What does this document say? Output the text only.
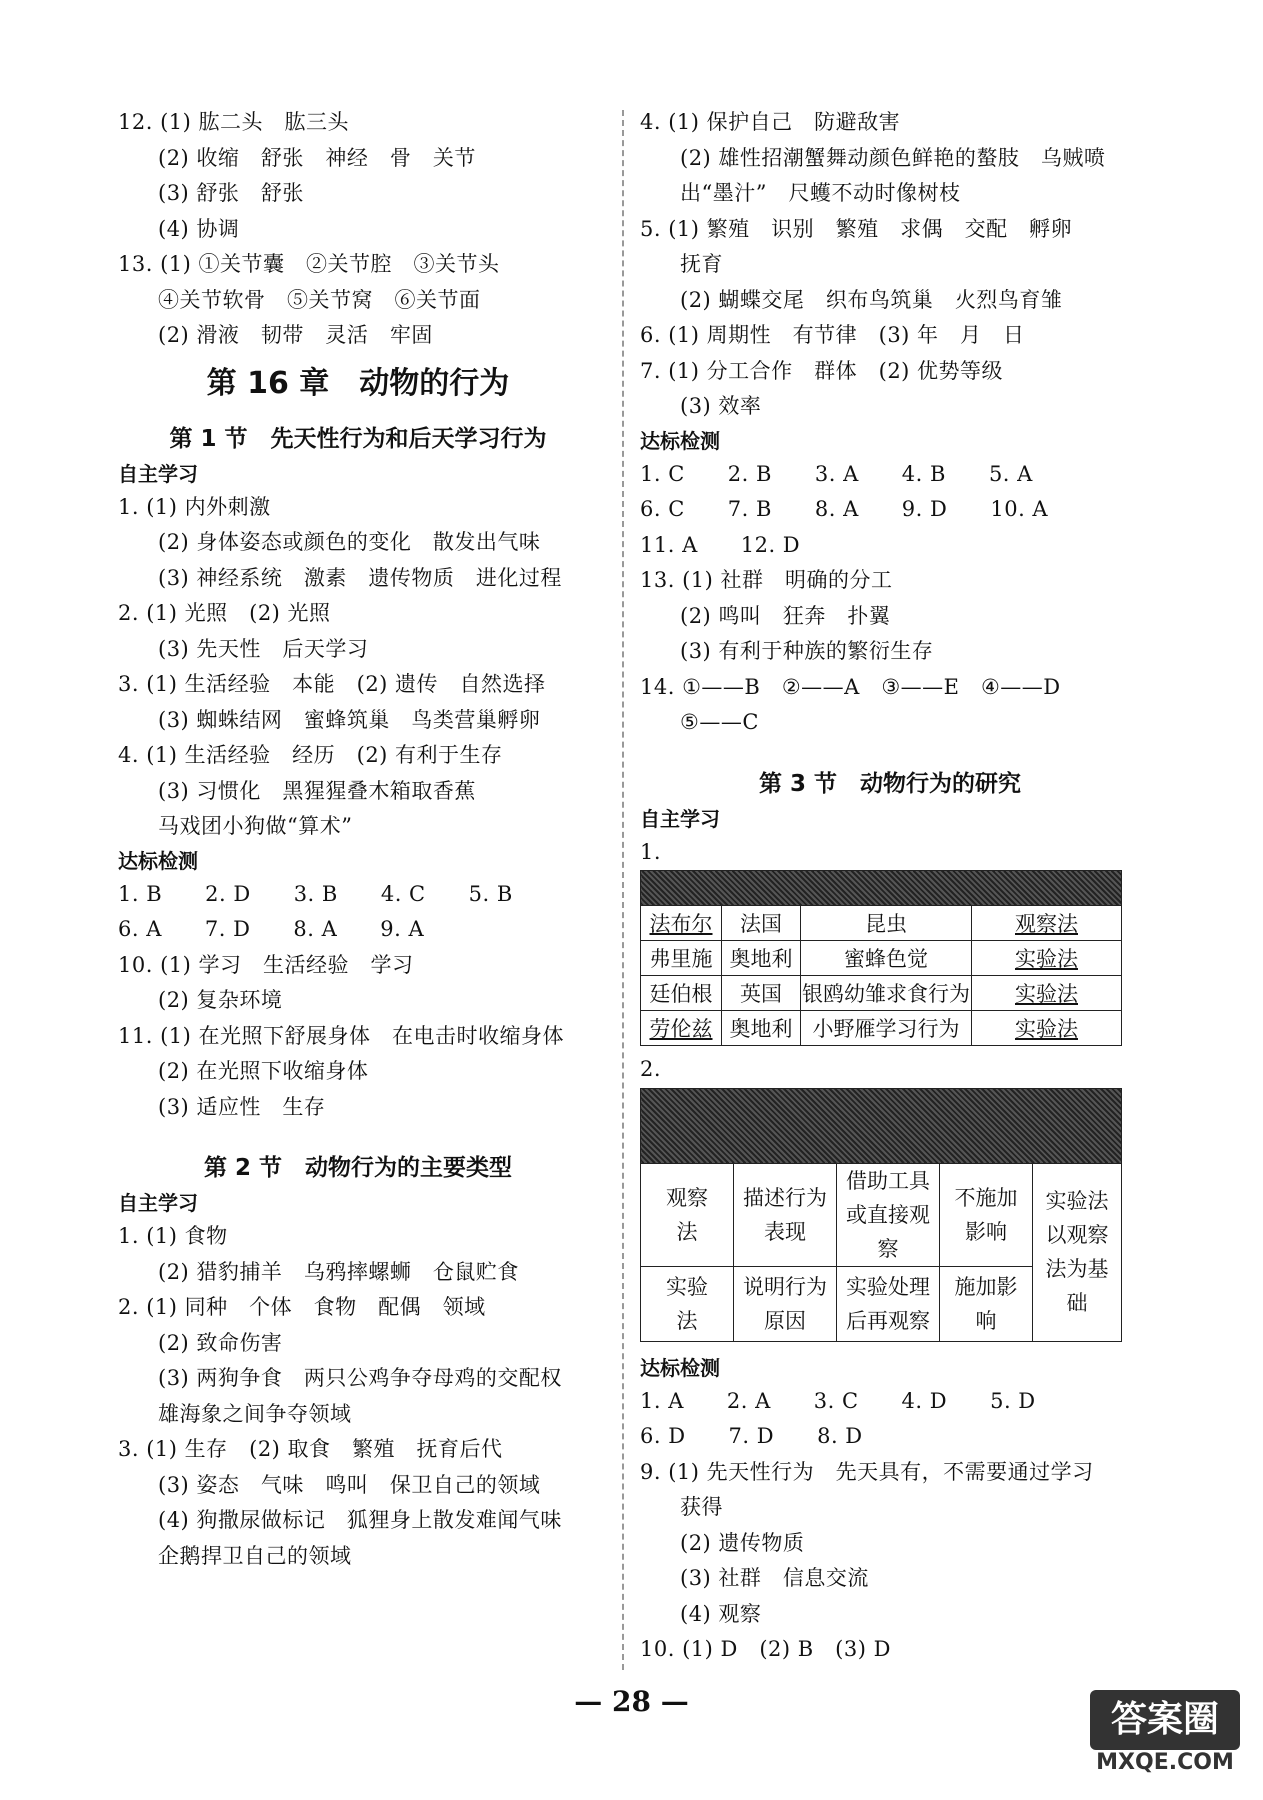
12. (1) 肱二头　肱三头
(2) 收缩　舒张　神经　骨　关节
(3) 舒张　舒张
(4) 协调
13. (1) ①关节囊　②关节腔　③关节头
④关节软骨　⑤关节窝　⑥关节面
(2) 滑液　韧带　灵活　牢固
第 16 章　动物的行为
第 1 节　先天性行为和后天学习行为
自主学习
1. (1) 内外刺激
(2) 身体姿态或颜色的变化　散发出气味
(3) 神经系统　激素　遗传物质　进化过程
2. (1) 光照　(2) 光照
(3) 先天性　后天学习
3. (1) 生活经验　本能　(2) 遗传　自然选择
(3) 蜘蛛结网　蜜蜂筑巢　鸟类营巢孵卵
4. (1) 生活经验　经历　(2) 有利于生存
(3) 习惯化　黑猩猩叠木箱取香蕉
马戏团小狗做“算术”
达标检测
1. B　　2. D　　3. B　　4. C　　5. B
6. A　　7. D　　8. A　　9. A
10. (1) 学习　生活经验　学习
(2) 复杂环境
11. (1) 在光照下舒展身体　在电击时收缩身体
(2) 在光照下收缩身体
(3) 适应性　生存
第 2 节　动物行为的主要类型
自主学习
1. (1) 食物
(2) 猎豹捕羊　乌鸦摔螺蛳　仓鼠贮食
2. (1) 同种　个体　食物　配偶　领域
(2) 致命伤害
(3) 两狗争食　两只公鸡争夺母鸡的交配权
雄海象之间争夺领域
3. (1) 生存　(2) 取食　繁殖　抚育后代
(3) 姿态　气味　鸣叫　保卫自己的领域
(4) 狗撒尿做标记　狐狸身上散发难闻气味
企鹅捍卫自己的领域
4. (1) 保护自己　防避敌害
(2) 雄性招潮蟹舞动颜色鲜艳的螯肢　乌贼喷
出“墨汁”　尺蠖不动时像树枝
5. (1) 繁殖　识别　繁殖　求偶　交配　孵卵
抚育
(2) 蝴蝶交尾　织布鸟筑巢　火烈鸟育雏
6. (1) 周期性　有节律　(3) 年　月　日
7. (1) 分工合作　群体　(2) 优势等级
(3) 效率
达标检测
1. C　　2. B　　3. A　　4. B　　5. A
6. C　　7. B　　8. A　　9. D　　10. A
11. A　　12. D
13. (1) 社群　明确的分工
(2) 鸣叫　狂奔　扑翼
(3) 有利于种族的繁衍生存
14. ①——B　②——A　③——E　④——D
⑤——C
第 3 节　动物行为的研究
自主学习
1.

法布尔	法国	昆虫	观察法
弗里施	奥地利	蜜蜂色觉	实验法
廷伯根	英国	银鸥幼雏求食行为	实验法
劳伦兹	奥地利	小野雁学习行为	实验法
2.

观察法	描述行为表现	借助工具或直接观察	不施加影响	实验法以观察法为基础
实验法	说明行为原因	实验处理后再观察	施加影响	
达标检测
1. A　　2. A　　3. C　　4. D　　5. D
6. D　　7. D　　8. D
9. (1) 先天性行为　先天具有，不需要通过学习
获得
(2) 遗传物质
(3) 社群　信息交流
(4) 观察
10. (1) D　(2) B　(3) D
— 28 —	答案圈
MXQE.COM
